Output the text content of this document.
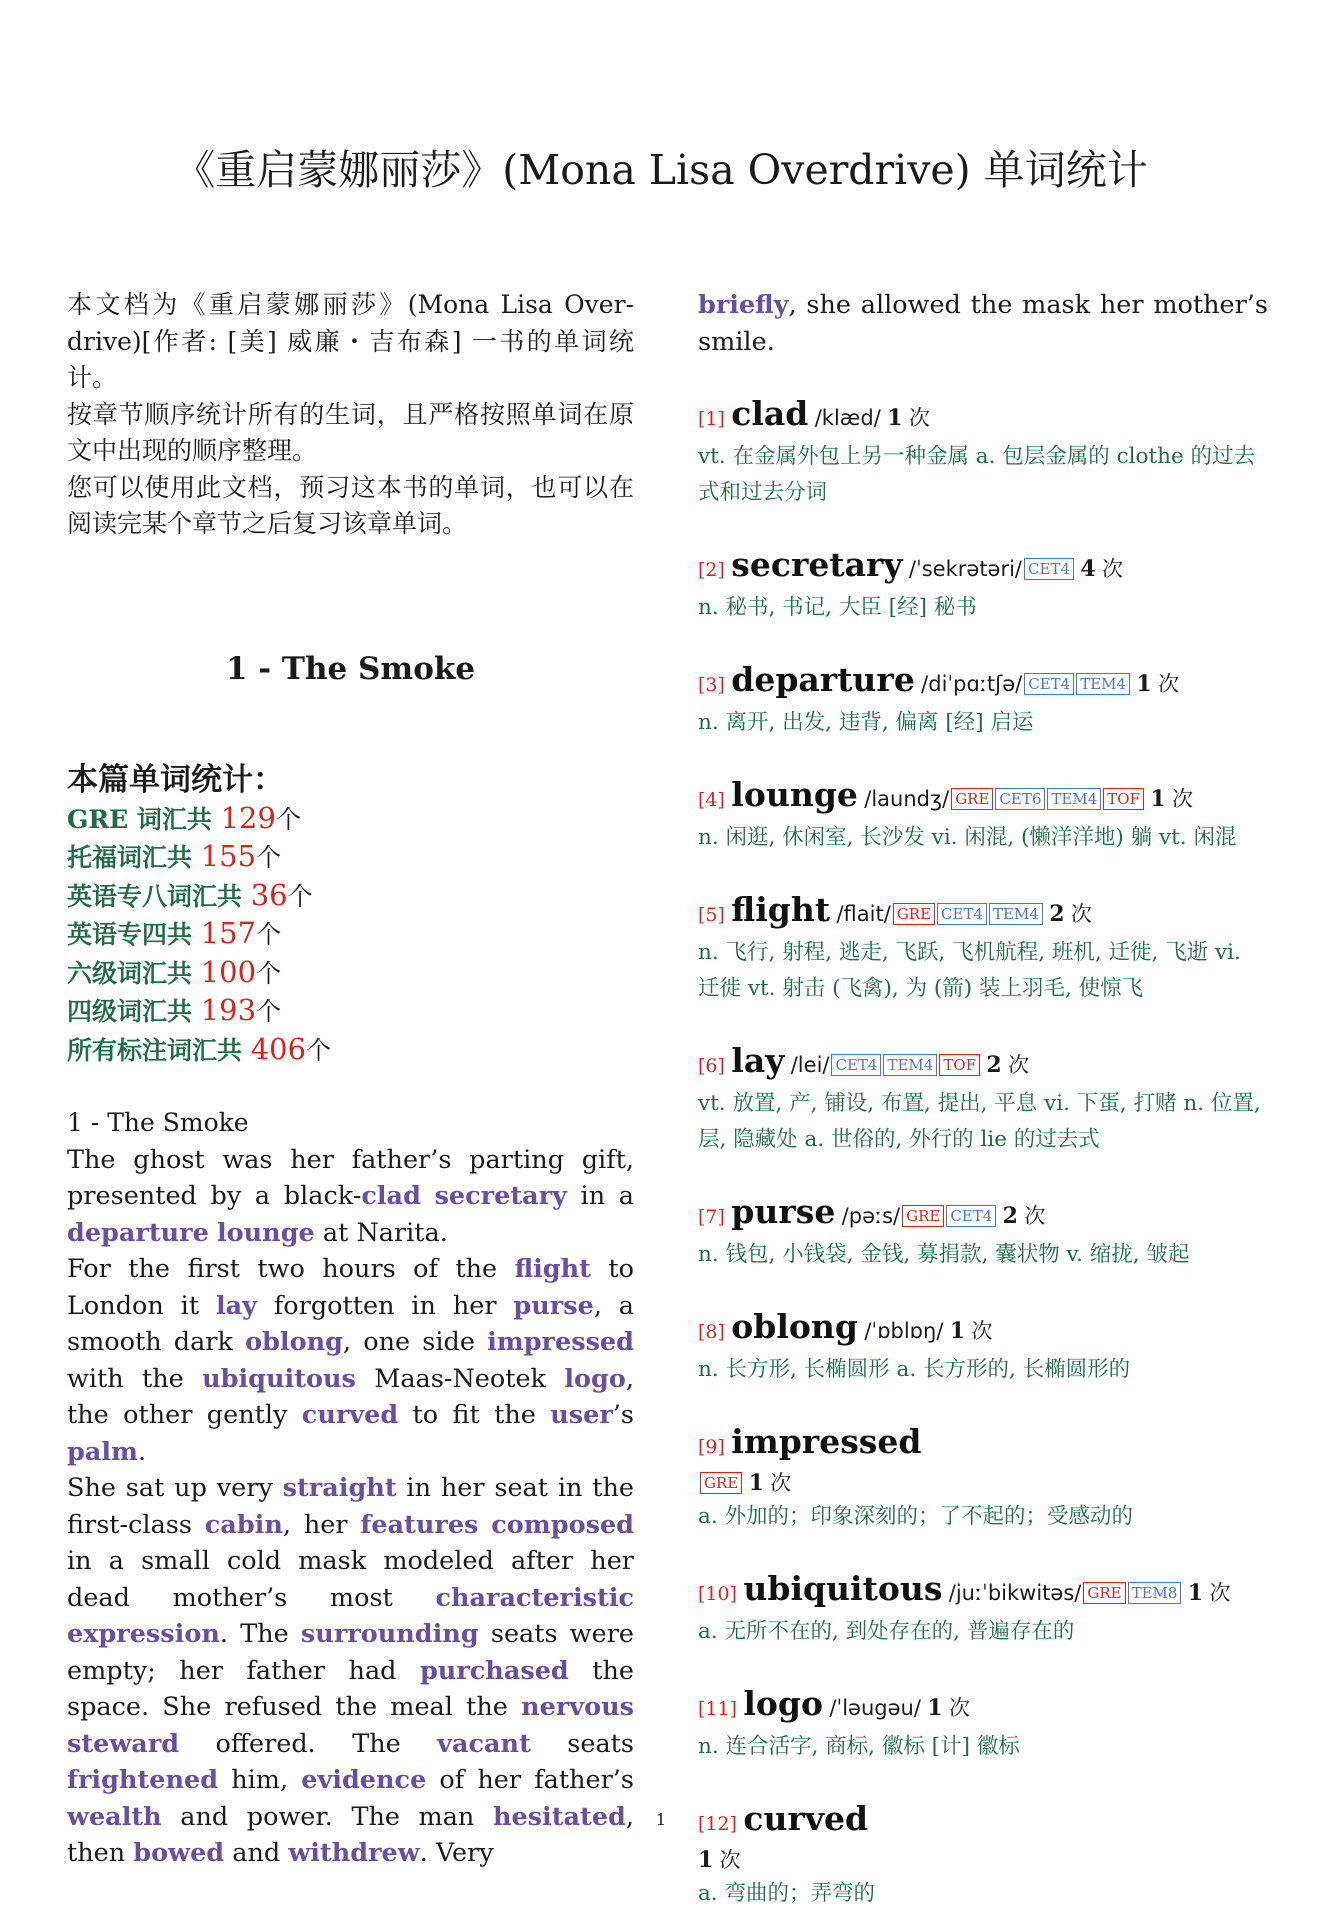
《重启蒙娜丽莎》(Mona Lisa Overdrive) 单词统计

本文档为《重启蒙娜丽莎》(Mona Lisa Over-drive)[作者: [美] 威廉・吉布森] 一书的单词统计。

按章节顺序统计所有的生词，且严格按照单词在原文中出现的顺序整理。

您可以使用此文档，预习这本书的单词，也可以在阅读完某个章节之后复习该章单词。

1 - The Smoke
本篇单词统计：
GRE 词汇共 129个
托福词汇共 155个
英语专八词汇共 36个
英语专四共 157个
六级词汇共 100个
四级词汇共 193个
所有标注词汇共 406个
1 - The Smoke

The ghost was her father’s parting gift, presented by a black-clad secretary in a departure lounge at Narita.

For the first two hours of the flight to London it lay forgotten in her purse, a smooth dark oblong, one side impressed with the ubiquitous Maas-Neotek logo, the other gently curved to fit the user’s palm.

She sat up very straight in her seat in the first-class cabin, her features composed in a small cold mask modeled after her dead mother’s most characteristic expression. The surrounding seats were empty; her father had purchased the space. She refused the meal the nervous steward offered. The vacant seats frightened him, evidence of her father’s wealth and power. The man hesitated, then bowed and withdrew. Very

briefly, she allowed the mask her mother’s smile.

[1] clad /klæd/ 1 次
vt. 在金属外包上另一种金属 a. 包层金属的 clothe 的过去式和过去分词
[2] secretary /ˈsekrətəri/ CET4 4 次
n. 秘书, 书记, 大臣 [经] 秘书
[3] departure /diˈpɑːtʃə/ CET4 TEM4 1 次
n. 离开, 出发, 违背, 偏离 [经] 启运
[4] lounge /laundʒ/ GRE CET6 TEM4 TOF 1 次
n. 闲逛, 休闲室, 长沙发 vi. 闲混, (懒洋洋地) 躺 vt. 闲混
[5] flight /flait/ GRE CET4 TEM4 2 次
n. 飞行, 射程, 逃走, 飞跃, 飞机航程, 班机, 迁徙, 飞逝 vi. 迁徙 vt. 射击 (飞禽), 为 (箭) 装上羽毛, 使惊飞
[6] lay /lei/ CET4 TEM4 TOF 2 次
vt. 放置, 产, 铺设, 布置, 提出, 平息 vi. 下蛋, 打赌 n. 位置, 层, 隐藏处 a. 世俗的, 外行的 lie 的过去式
[7] purse /pəːs/ GRE CET4 2 次
n. 钱包, 小钱袋, 金钱, 募捐款, 囊状物 v. 缩拢, 皱起
[8] oblong /ˈɒblɒŋ/ 1 次
n. 长方形, 长椭圆形 a. 长方形的, 长椭圆形的
[9] impressed
GRE 1 次
a. 外加的；印象深刻的；了不起的；受感动的
[10] ubiquitous /juːˈbikwitəs/ GRE TEM8 1 次
a. 无所不在的, 到处存在的, 普遍存在的
[11] logo /ˈləugəu/ 1 次
n. 连合活字, 商标, 徽标 [计] 徽标
[12] curved
1 次
a. 弯曲的；弄弯的
1
